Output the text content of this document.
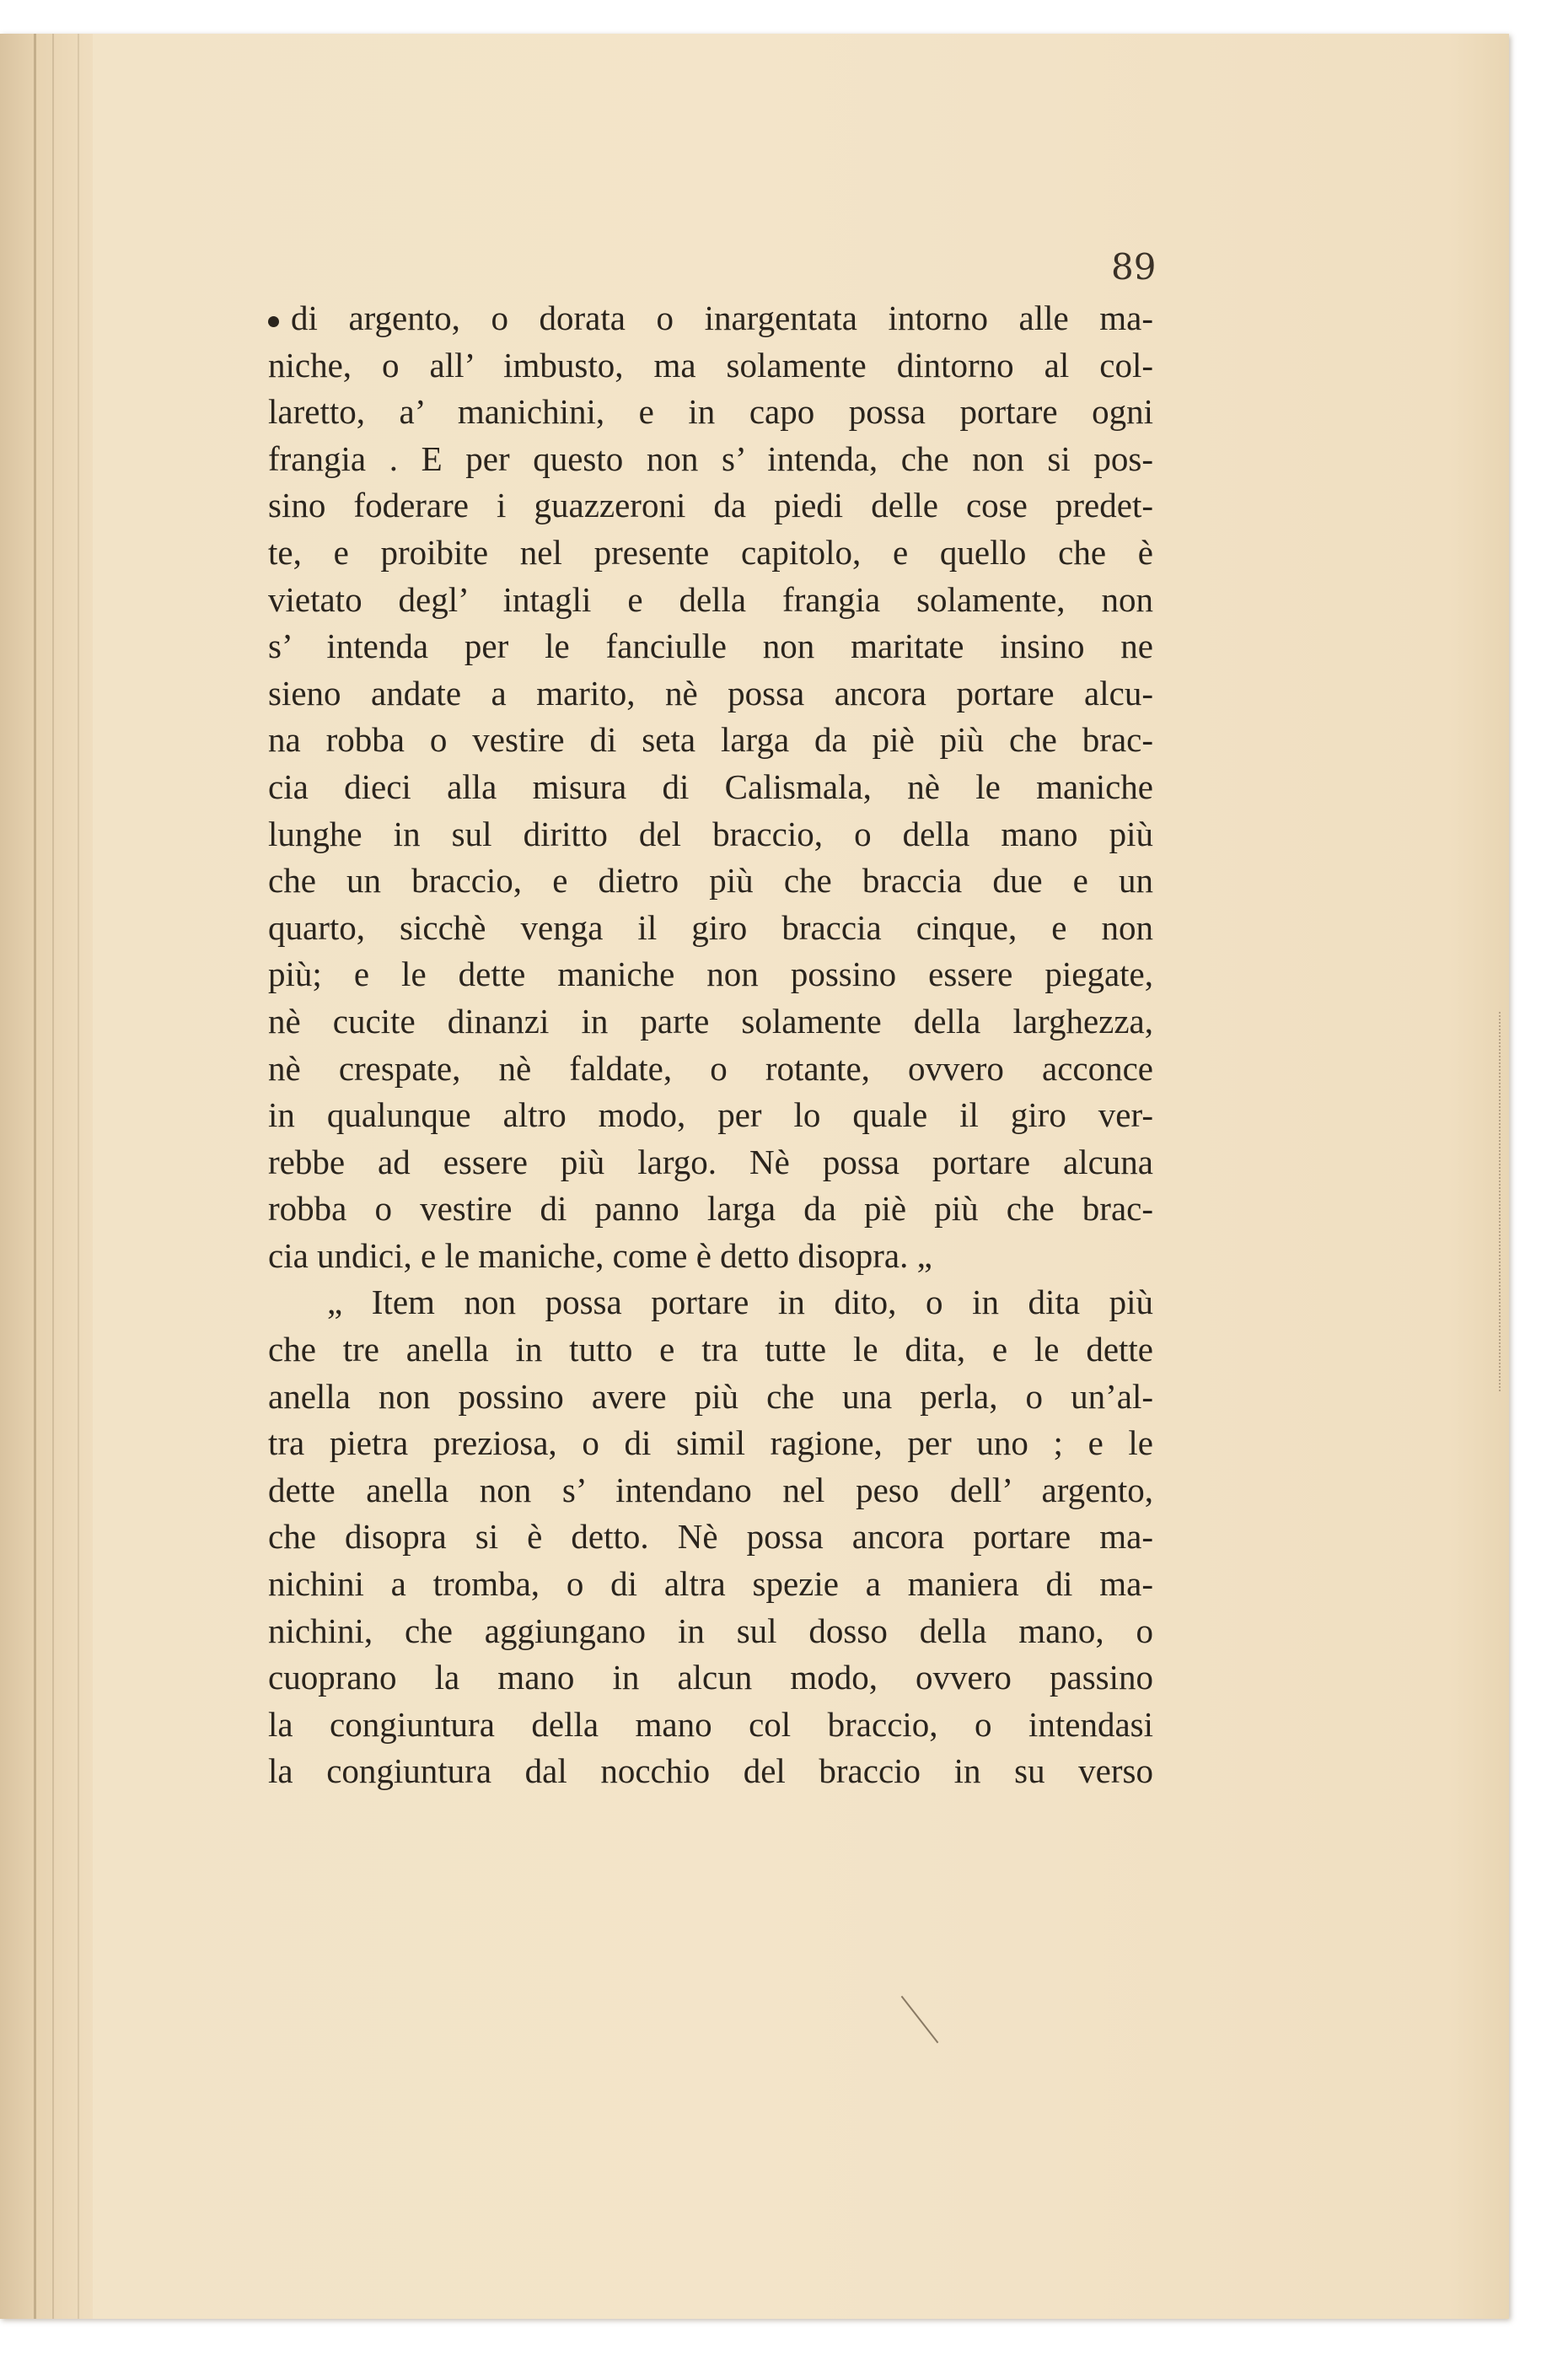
89
di argento, o dorata o inargentata intorno alle ma-
niche, o all’ imbusto, ma solamente dintorno al col-
laretto, a’ manichini, e in capo possa portare ogni
frangia . E per questo non s’ intenda, che non si pos-
sino foderare i guazzeroni da piedi delle cose predet-
te, e proibite nel presente capitolo, e quello che è
vietato degl’ intagli e della frangia solamente, non
s’ intenda per le fanciulle non maritate insino ne
sieno andate a marito, nè possa ancora portare alcu-
na robba o vestire di seta larga da piè più che brac-
cia dieci alla misura di Calismala, nè le maniche
lunghe in sul diritto del braccio, o della mano più
che un braccio, e dietro più che braccia due e un
quarto, sicchè venga il giro braccia cinque, e non
più; e le dette maniche non possino essere piegate,
nè cucite dinanzi in parte solamente della larghezza,
nè crespate, nè faldate, o rotante, ovvero acconce
in qualunque altro modo, per lo quale il giro ver-
rebbe ad essere più largo. Nè possa portare alcuna
robba o vestire di panno larga da piè più che brac-
cia undici, e le maniche, come è detto disopra. „
„ Item non possa portare in dito, o in dita più
che tre anella in tutto e tra tutte le dita, e le dette
anella non possino avere più che una perla, o un’al-
tra pietra preziosa, o di simil ragione, per uno ; e le
dette anella non s’ intendano nel peso dell’ argento,
che disopra si è detto. Nè possa ancora portare ma-
nichini a tromba, o di altra spezie a maniera di ma-
nichini, che aggiungano in sul dosso della mano, o
cuoprano la mano in alcun modo, ovvero passino
la congiuntura della mano col braccio, o intendasi
la congiuntura dal nocchio del braccio in su verso
